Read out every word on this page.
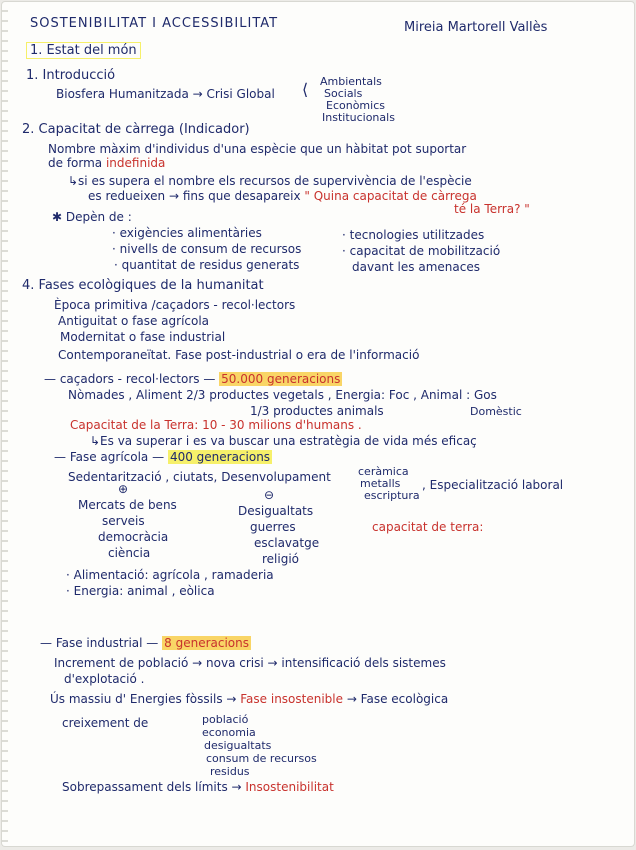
SOSTENIBILITAT I ACCESSIBILITAT	Mireia Martorell Vallès
1. Estat del món
1. Introducció
Biosfera Humanitzada → Crisi Global ⟨ Ambientals
Socials
Econòmics
Institucionals
2. Capacitat de càrrega (Indicador)
Nombre màxim d'individus d'una espècie que un hàbitat pot suportar
de forma indefinida
↳si es supera el nombre els recursos de supervivència de l'espècie
es redueixen → fins que desapareix " Quina capacitat de càrrega
té la Terra? "
✱ Depèn de :
· exigències alimentàries
· nivells de consum de recursos
· quantitat de residus generats
· tecnologies utilitzades
· capacitat de mobilització
davant les amenaces
4. Fases ecològiques de la humanitat
Època primitiva /caçadors - recol·lectors
Antiguitat o fase agrícola
Modernitat o fase industrial
Contemporaneïtat. Fase post-industrial o era de l'informació
— caçadors - recol·lectors — 50.000 generacions
Nòmades , Aliment 2/3 productes vegetals , Energia: Foc , Animal : Gos
1/3 productes animals	Domèstic
Capacitat de la Terra: 10 - 30 milions d'humans .
↳Es va superar i es va buscar una estratègia de vida més eficaç
— Fase agrícola — 400 generacions
Sedentarització , ciutats, Desenvolupament ceràmica
metalls
escriptura
, Especialització laboral
⊕	⊖
Mercats de bens
serveis
democràcia
ciència
Desigualtats
guerres
esclavatge
religió
capacitat de terra:
· Alimentació: agrícola , ramaderia
· Energia: animal , eòlica
— Fase industrial — 8 generacions
Increment de població → nova crisi → intensificació dels sistemes
d'explotació .
Ús massiu d' Energies fòssils → Fase insostenible → Fase ecològica
creixement de	població
economia
desigualtats
consum de recursos
residus
Sobrepassament dels límits → Insostenibilitat
